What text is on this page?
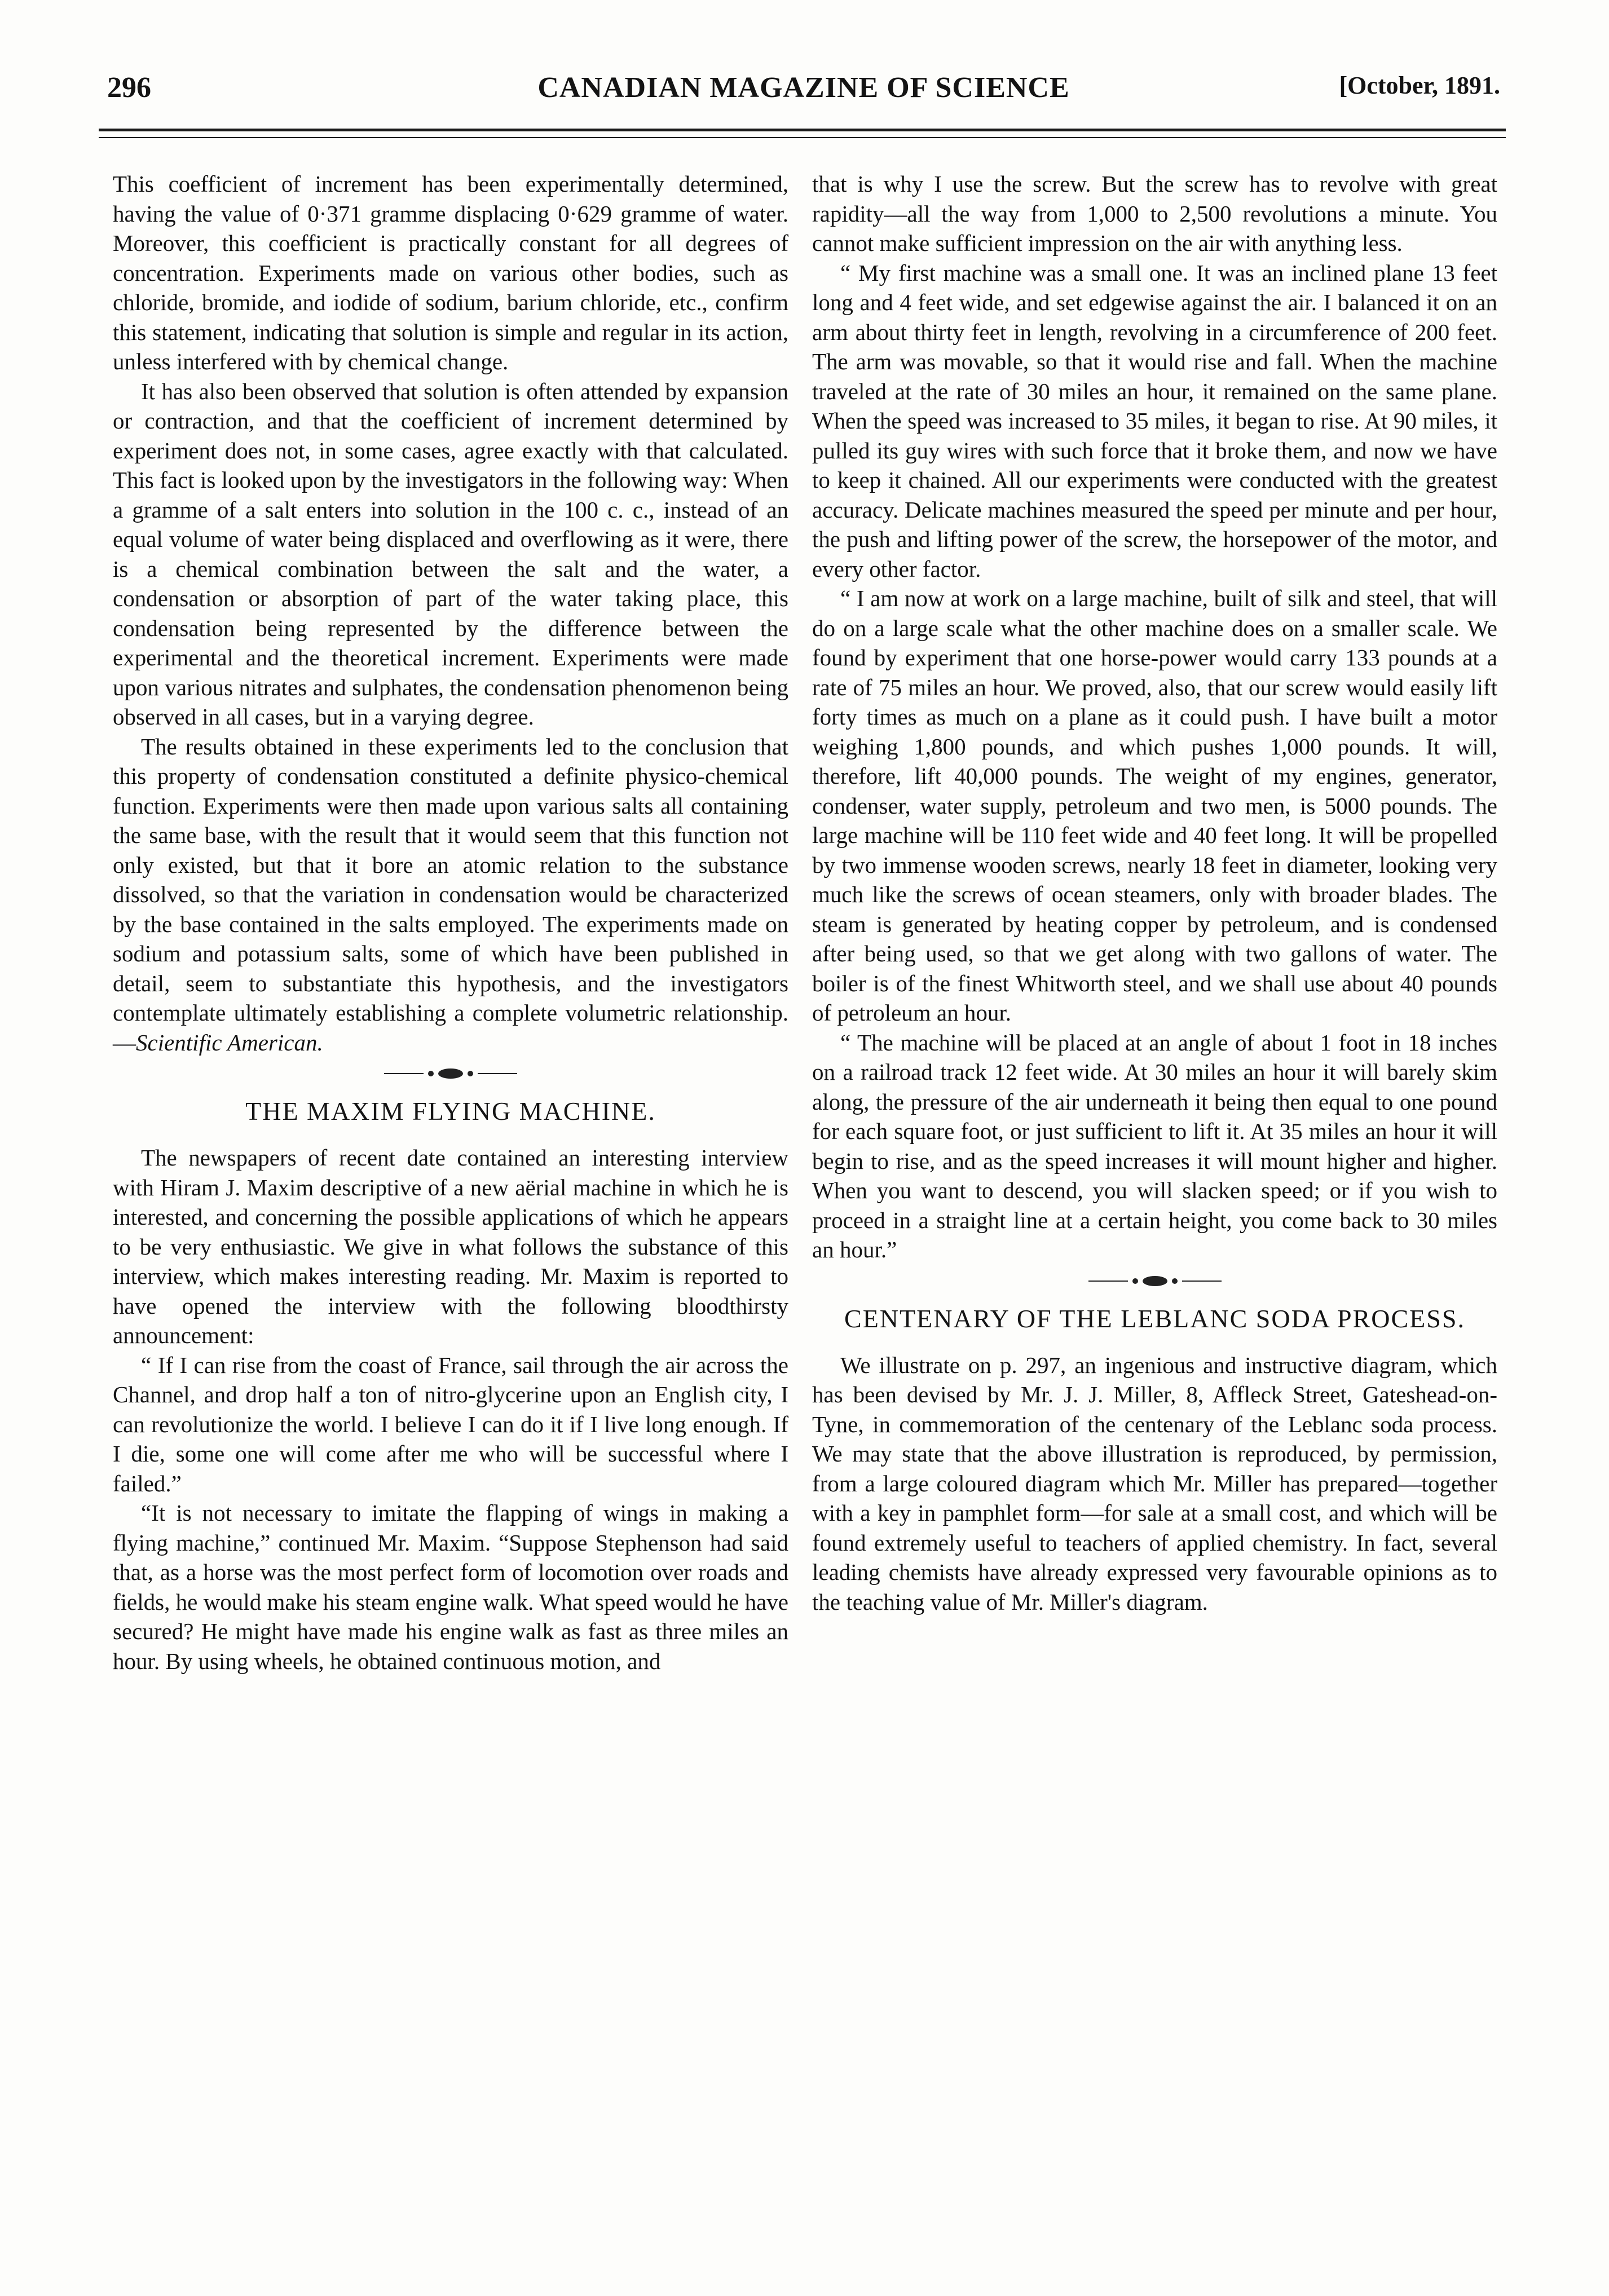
296	CANADIAN MAGAZINE OF SCIENCE	[October, 1891.

This coefficient of increment has been experimentally determined, having the value of 0·371 gramme displacing 0·629 gramme of water. Moreover, this coefficient is practically constant for all degrees of concentration. Experiments made on various other bodies, such as chloride, bromide, and iodide of sodium, barium chloride, etc., confirm this statement, indicating that solution is simple and regular in its action, unless interfered with by chemical change.

It has also been observed that solution is often attended by expansion or contraction, and that the coefficient of increment determined by experiment does not, in some cases, agree exactly with that calculated. This fact is looked upon by the investigators in the following way: When a gramme of a salt enters into solution in the 100 c. c., instead of an equal volume of water being displaced and overflowing as it were, there is a chemical combination between the salt and the water, a condensation or absorption of part of the water taking place, this condensation being represented by the difference between the experimental and the theoretical increment. Experiments were made upon various nitrates and sulphates, the condensation phenomenon being observed in all cases, but in a varying degree.

The results obtained in these experiments led to the conclusion that this property of condensation constituted a definite physico-chemical function. Experiments were then made upon various salts all containing the same base, with the result that it would seem that this function not only existed, but that it bore an atomic relation to the substance dissolved, so that the variation in condensation would be characterized by the base contained in the salts employed. The experiments made on sodium and potassium salts, some of which have been published in detail, seem to substantiate this hypothesis, and the investigators contemplate ultimately establishing a complete volumetric relationship.—Scientific American.

THE MAXIM FLYING MACHINE.

The newspapers of recent date contained an interesting interview with Hiram J. Maxim descriptive of a new aërial machine in which he is interested, and concerning the possible applications of which he appears to be very enthusiastic. We give in what follows the substance of this interview, which makes interesting reading. Mr. Maxim is reported to have opened the interview with the following bloodthirsty announcement:

“ If I can rise from the coast of France, sail through the air across the Channel, and drop half a ton of nitro-glycerine upon an English city, I can revolutionize the world. I believe I can do it if I live long enough. If I die, some one will come after me who will be successful where I failed.”

“It is not necessary to imitate the flapping of wings in making a flying machine,” continued Mr. Maxim. “Suppose Stephenson had said that, as a horse was the most perfect form of locomotion over roads and fields, he would make his steam engine walk. What speed would he have secured? He might have made his engine walk as fast as three miles an hour. By using wheels, he obtained continuous motion, and

that is why I use the screw. But the screw has to revolve with great rapidity—all the way from 1,000 to 2,500 revolutions a minute. You cannot make sufficient impression on the air with anything less.

“ My first machine was a small one. It was an inclined plane 13 feet long and 4 feet wide, and set edgewise against the air. I balanced it on an arm about thirty feet in length, revolving in a circumference of 200 feet. The arm was movable, so that it would rise and fall. When the machine traveled at the rate of 30 miles an hour, it remained on the same plane. When the speed was increased to 35 miles, it began to rise. At 90 miles, it pulled its guy wires with such force that it broke them, and now we have to keep it chained. All our experiments were conducted with the greatest accuracy. Delicate machines measured the speed per minute and per hour, the push and lifting power of the screw, the horsepower of the motor, and every other factor.

“ I am now at work on a large machine, built of silk and steel, that will do on a large scale what the other machine does on a smaller scale. We found by experiment that one horse-power would carry 133 pounds at a rate of 75 miles an hour. We proved, also, that our screw would easily lift forty times as much on a plane as it could push. I have built a motor weighing 1,800 pounds, and which pushes 1,000 pounds. It will, therefore, lift 40,000 pounds. The weight of my engines, generator, condenser, water supply, petroleum and two men, is 5000 pounds. The large machine will be 110 feet wide and 40 feet long. It will be propelled by two immense wooden screws, nearly 18 feet in diameter, looking very much like the screws of ocean steamers, only with broader blades. The steam is generated by heating copper by petroleum, and is condensed after being used, so that we get along with two gallons of water. The boiler is of the finest Whitworth steel, and we shall use about 40 pounds of petroleum an hour.

“ The machine will be placed at an angle of about 1 foot in 18 inches on a railroad track 12 feet wide. At 30 miles an hour it will barely skim along, the pressure of the air underneath it being then equal to one pound for each square foot, or just sufficient to lift it. At 35 miles an hour it will begin to rise, and as the speed increases it will mount higher and higher. When you want to descend, you will slacken speed; or if you wish to proceed in a straight line at a certain height, you come back to 30 miles an hour.”

CENTENARY OF THE LEBLANC SODA PROCESS.

We illustrate on p. 297, an ingenious and instructive diagram, which has been devised by Mr. J. J. Miller, 8, Affleck Street, Gateshead-on-Tyne, in commemoration of the centenary of the Leblanc soda process. We may state that the above illustration is reproduced, by permission, from a large coloured diagram which Mr. Miller has prepared—together with a key in pamphlet form—for sale at a small cost, and which will be found extremely useful to teachers of applied chemistry. In fact, several leading chemists have already expressed very favourable opinions as to the teaching value of Mr. Miller's diagram.
